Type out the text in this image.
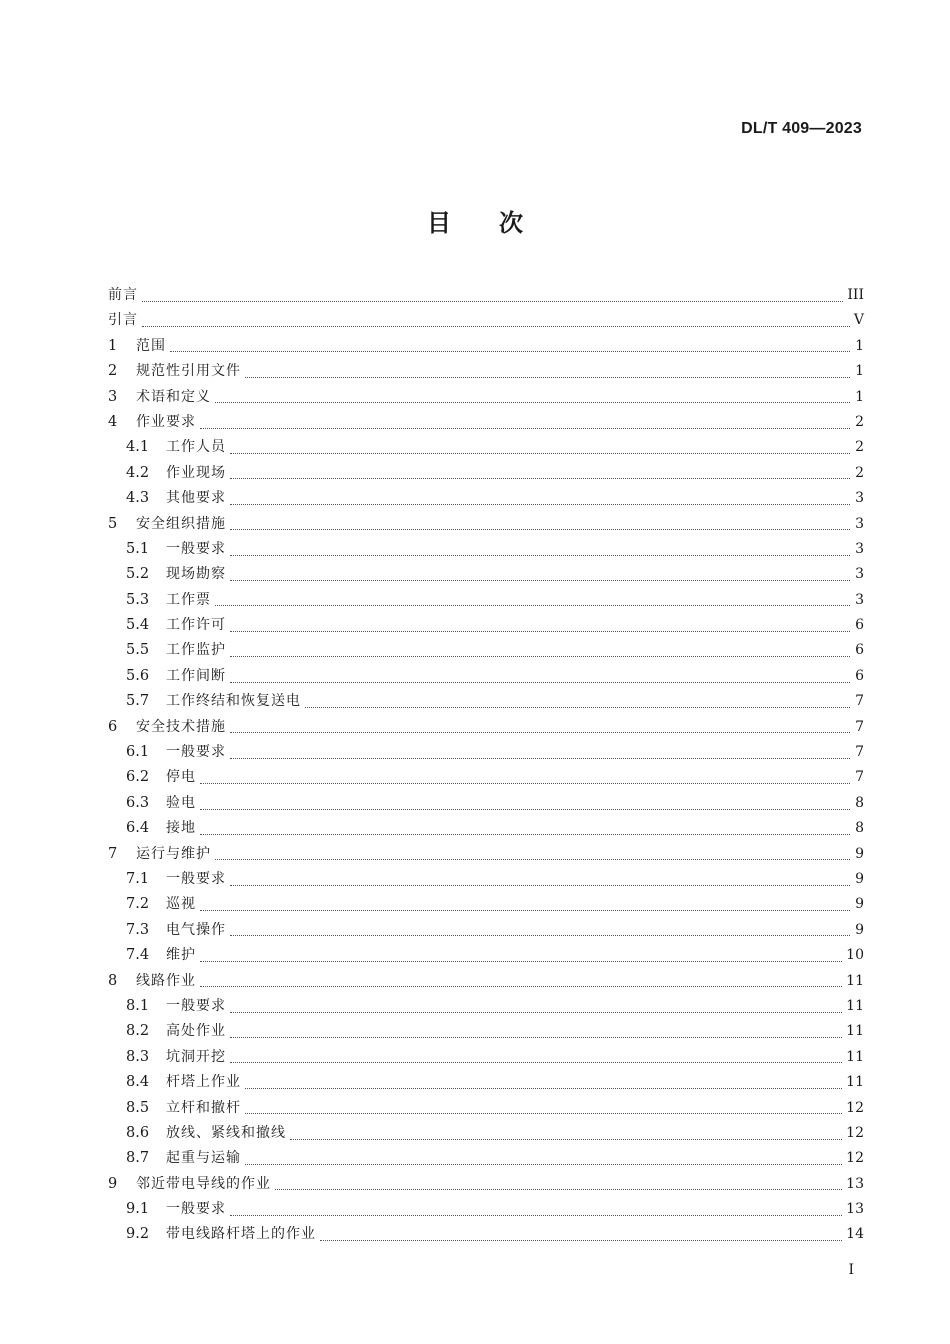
DL/T 409—2023
目 次
前言	III
引言	V
1	范围	1
2	规范性引用文件	1
3	术语和定义	1
4	作业要求	2
4.1	工作人员	2
4.2	作业现场	2
4.3	其他要求	3
5	安全组织措施	3
5.1	一般要求	3
5.2	现场勘察	3
5.3	工作票	3
5.4	工作许可	6
5.5	工作监护	6
5.6	工作间断	6
5.7	工作终结和恢复送电	7
6	安全技术措施	7
6.1	一般要求	7
6.2	停电	7
6.3	验电	8
6.4	接地	8
7	运行与维护	9
7.1	一般要求	9
7.2	巡视	9
7.3	电气操作	9
7.4	维护	10
8	线路作业	11
8.1	一般要求	11
8.2	高处作业	11
8.3	坑洞开挖	11
8.4	杆塔上作业	11
8.5	立杆和撤杆	12
8.6	放线、紧线和撤线	12
8.7	起重与运输	12
9	邻近带电导线的作业	13
9.1	一般要求	13
9.2	带电线路杆塔上的作业	14
I
